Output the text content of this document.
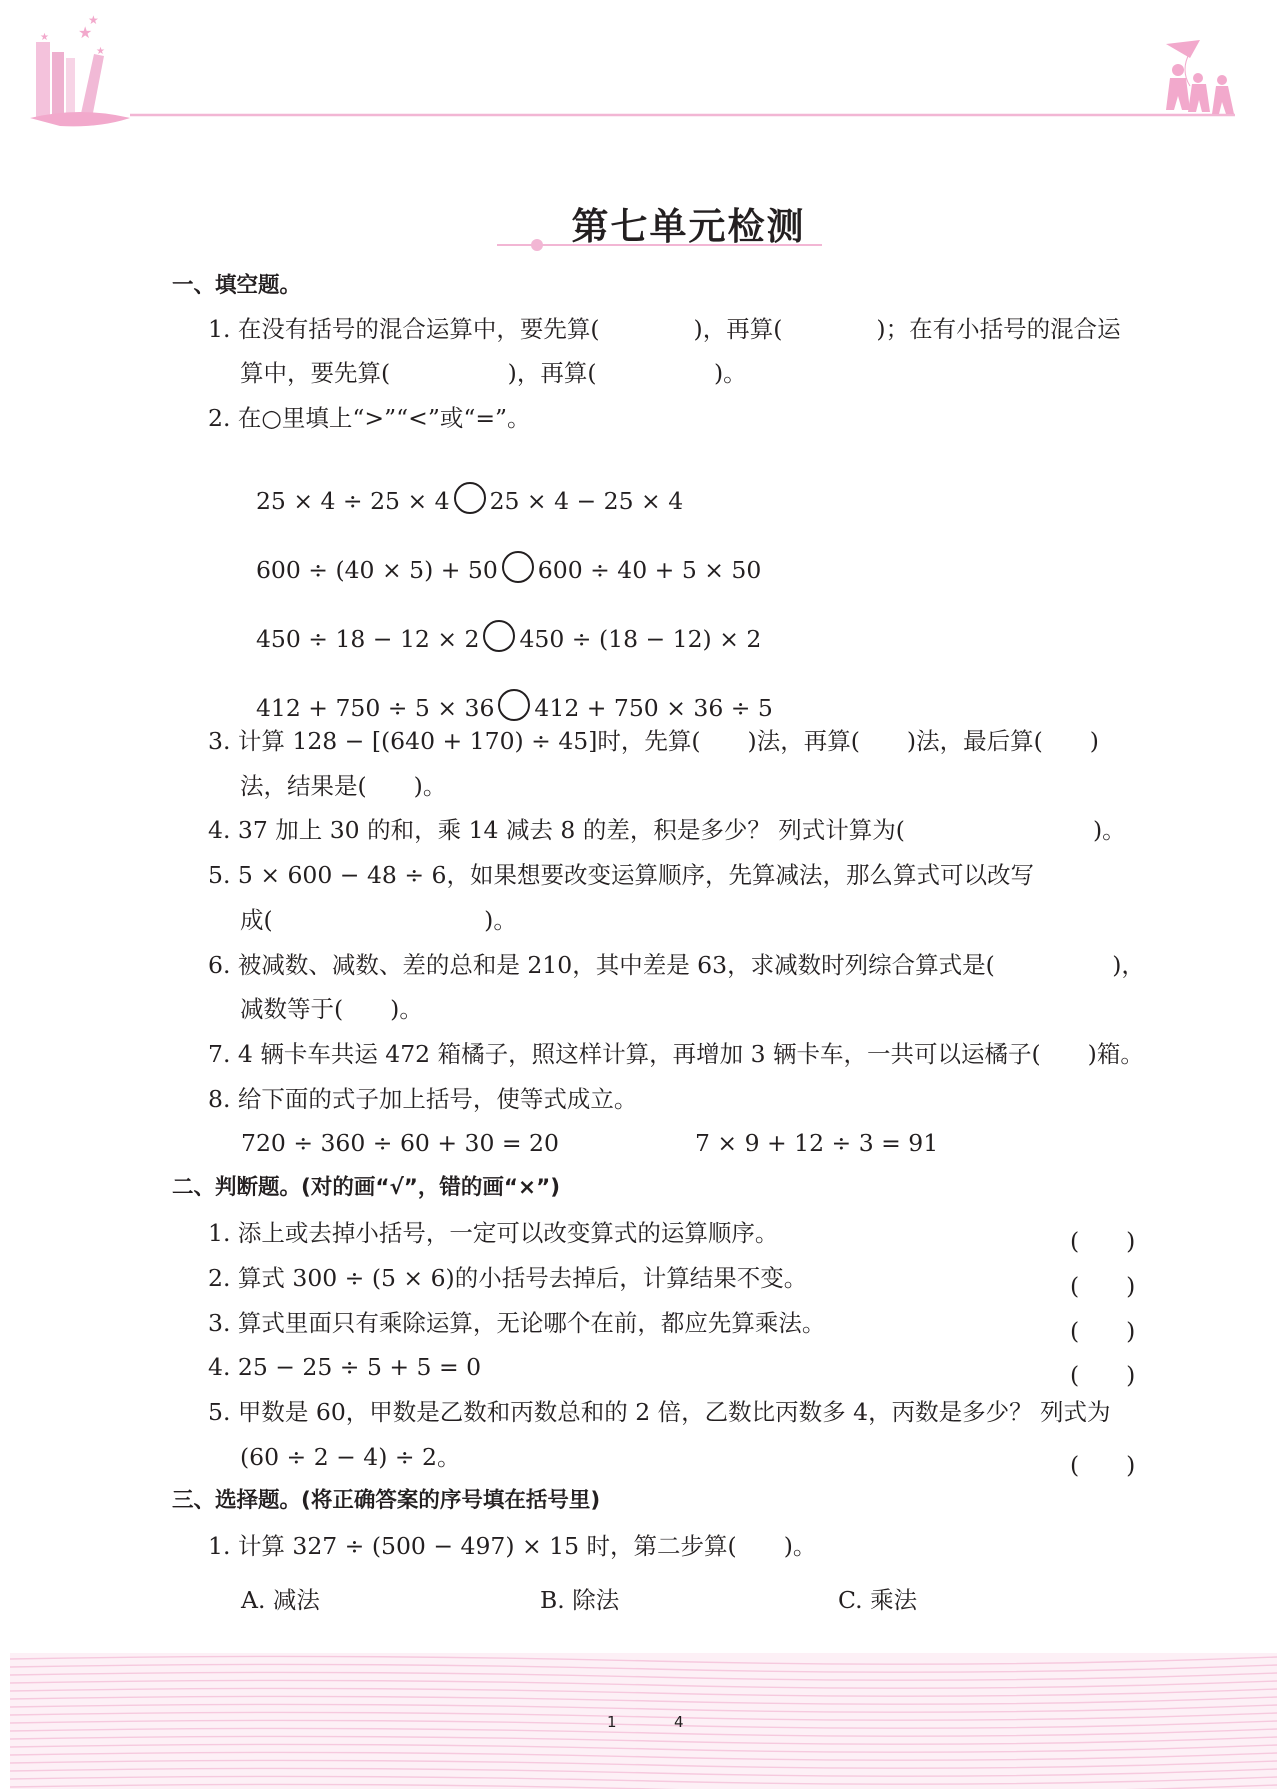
★
★
★
★
第七单元检测
一、填空题。
1. 在没有括号的混合运算中，要先算(　　　　)，再算(　　　　)；在有小括号的混合运
算中，要先算(　　　　　)，再算(　　　　　)。
2. 在○里填上“>”“<”或“=”。

25 × 4 ÷ 25 × 4 25 × 4 − 25 × 4

600 ÷ (40 × 5) + 50 600 ÷ 40 + 5 × 50

450 ÷ 18 − 12 × 2 450 ÷ (18 − 12) × 2

412 + 750 ÷ 5 × 36 412 + 750 × 36 ÷ 5

3. 计算 128 − [(640 + 170) ÷ 45]时，先算(　　)法，再算(　　)法，最后算(　　)
法，结果是(　　)。
4. 37 加上 30 的和，乘 14 减去 8 的差，积是多少？ 列式计算为(　　　　　　　　)。
5. 5 × 600 − 48 ÷ 6，如果想要改变运算顺序，先算减法，那么算式可以改写
成(　　　　　　　　　)。
6. 被减数、减数、差的总和是 210，其中差是 63，求减数时列综合算式是(　　　　　)，
减数等于(　　)。
7. 4 辆卡车共运 472 箱橘子，照这样计算，再增加 3 辆卡车，一共可以运橘子(　　)箱。
8. 给下面的式子加上括号，使等式成立。
720 ÷ 360 ÷ 60 + 30 = 20	7 × 9 + 12 ÷ 3 = 91
二、判断题。(对的画“√”，错的画“×”)
1. 添上或去掉小括号，一定可以改变算式的运算顺序。	(　　)
2. 算式 300 ÷ (5 × 6)的小括号去掉后，计算结果不变。	(　　)
3. 算式里面只有乘除运算，无论哪个在前，都应先算乘法。	(　　)
4. 25 − 25 ÷ 5 + 5 = 0	(　　)
5. 甲数是 60，甲数是乙数和丙数总和的 2 倍，乙数比丙数多 4，丙数是多少？ 列式为
(60 ÷ 2 − 4) ÷ 2。	(　　)
三、选择题。(将正确答案的序号填在括号里)
1. 计算 327 ÷ (500 − 497) × 15 时，第二步算(　　)。
A. 减法	B. 除法	C. 乘法
1	4
